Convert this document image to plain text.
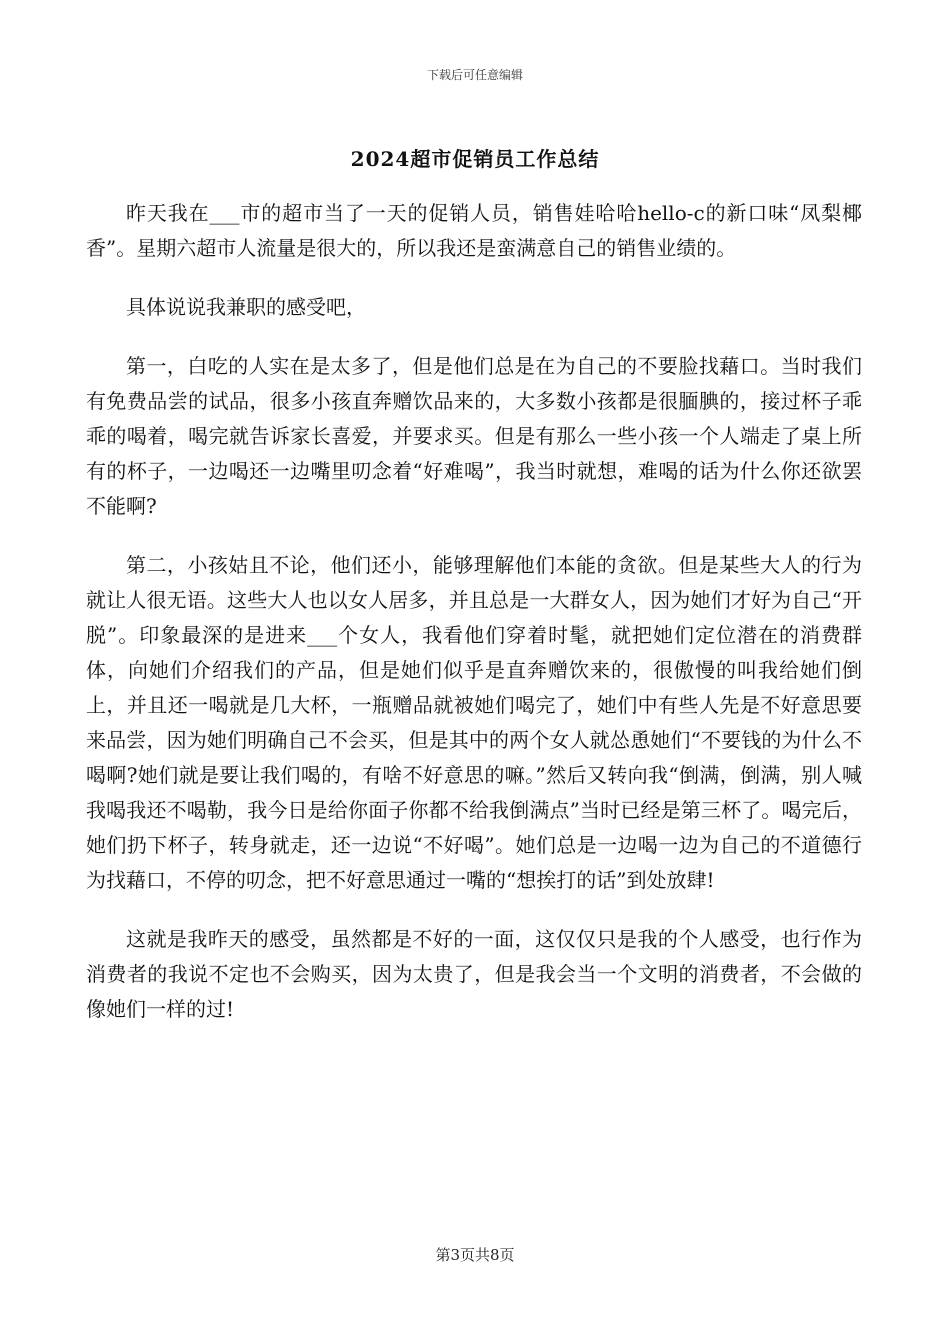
下载后可任意编辑
2024超市促销员工作总结

昨天我在___市的超市当了一天的促销人员，销售娃哈哈hello-c的新口味“凤梨椰香”。星期六超市人流量是很大的，所以我还是蛮满意自己的销售业绩的。

具体说说我兼职的感受吧，

第一，白吃的人实在是太多了，但是他们总是在为自己的不要脸找藉口。当时我们有免费品尝的试品，很多小孩直奔赠饮品来的，大多数小孩都是很腼腆的，接过杯子乖乖的喝着，喝完就告诉家长喜爱，并要求买。但是有那么一些小孩一个人端走了桌上所有的杯子，一边喝还一边嘴里叨念着“好难喝”，我当时就想，难喝的话为什么你还欲罢不能啊?

第二，小孩姑且不论，他们还小，能够理解他们本能的贪欲。但是某些大人的行为就让人很无语。这些大人也以女人居多，并且总是一大群女人，因为她们才好为自己“开脱”。印象最深的是进来___个女人，我看他们穿着时髦，就把她们定位潜在的消费群体，向她们介绍我们的产品，但是她们似乎是直奔赠饮来的，很傲慢的叫我给她们倒上，并且还一喝就是几大杯，一瓶赠品就被她们喝完了，她们中有些人先是不好意思要来品尝，因为她们明确自己不会买，但是其中的两个女人就怂恿她们“不要钱的为什么不喝啊?她们就是要让我们喝的，有啥不好意思的嘛。”然后又转向我“倒满，倒满，别人喊我喝我还不喝勒，我今日是给你面子你都不给我倒满点”当时已经是第三杯了。喝完后，她们扔下杯子，转身就走，还一边说“不好喝”。她们总是一边喝一边为自己的不道德行为找藉口，不停的叨念，把不好意思通过一嘴的“想挨打的话”到处放肆!

这就是我昨天的感受，虽然都是不好的一面，这仅仅只是我的个人感受，也行作为消费者的我说不定也不会购买，因为太贵了，但是我会当一个文明的消费者，不会做的像她们一样的过!

第3页共8页
